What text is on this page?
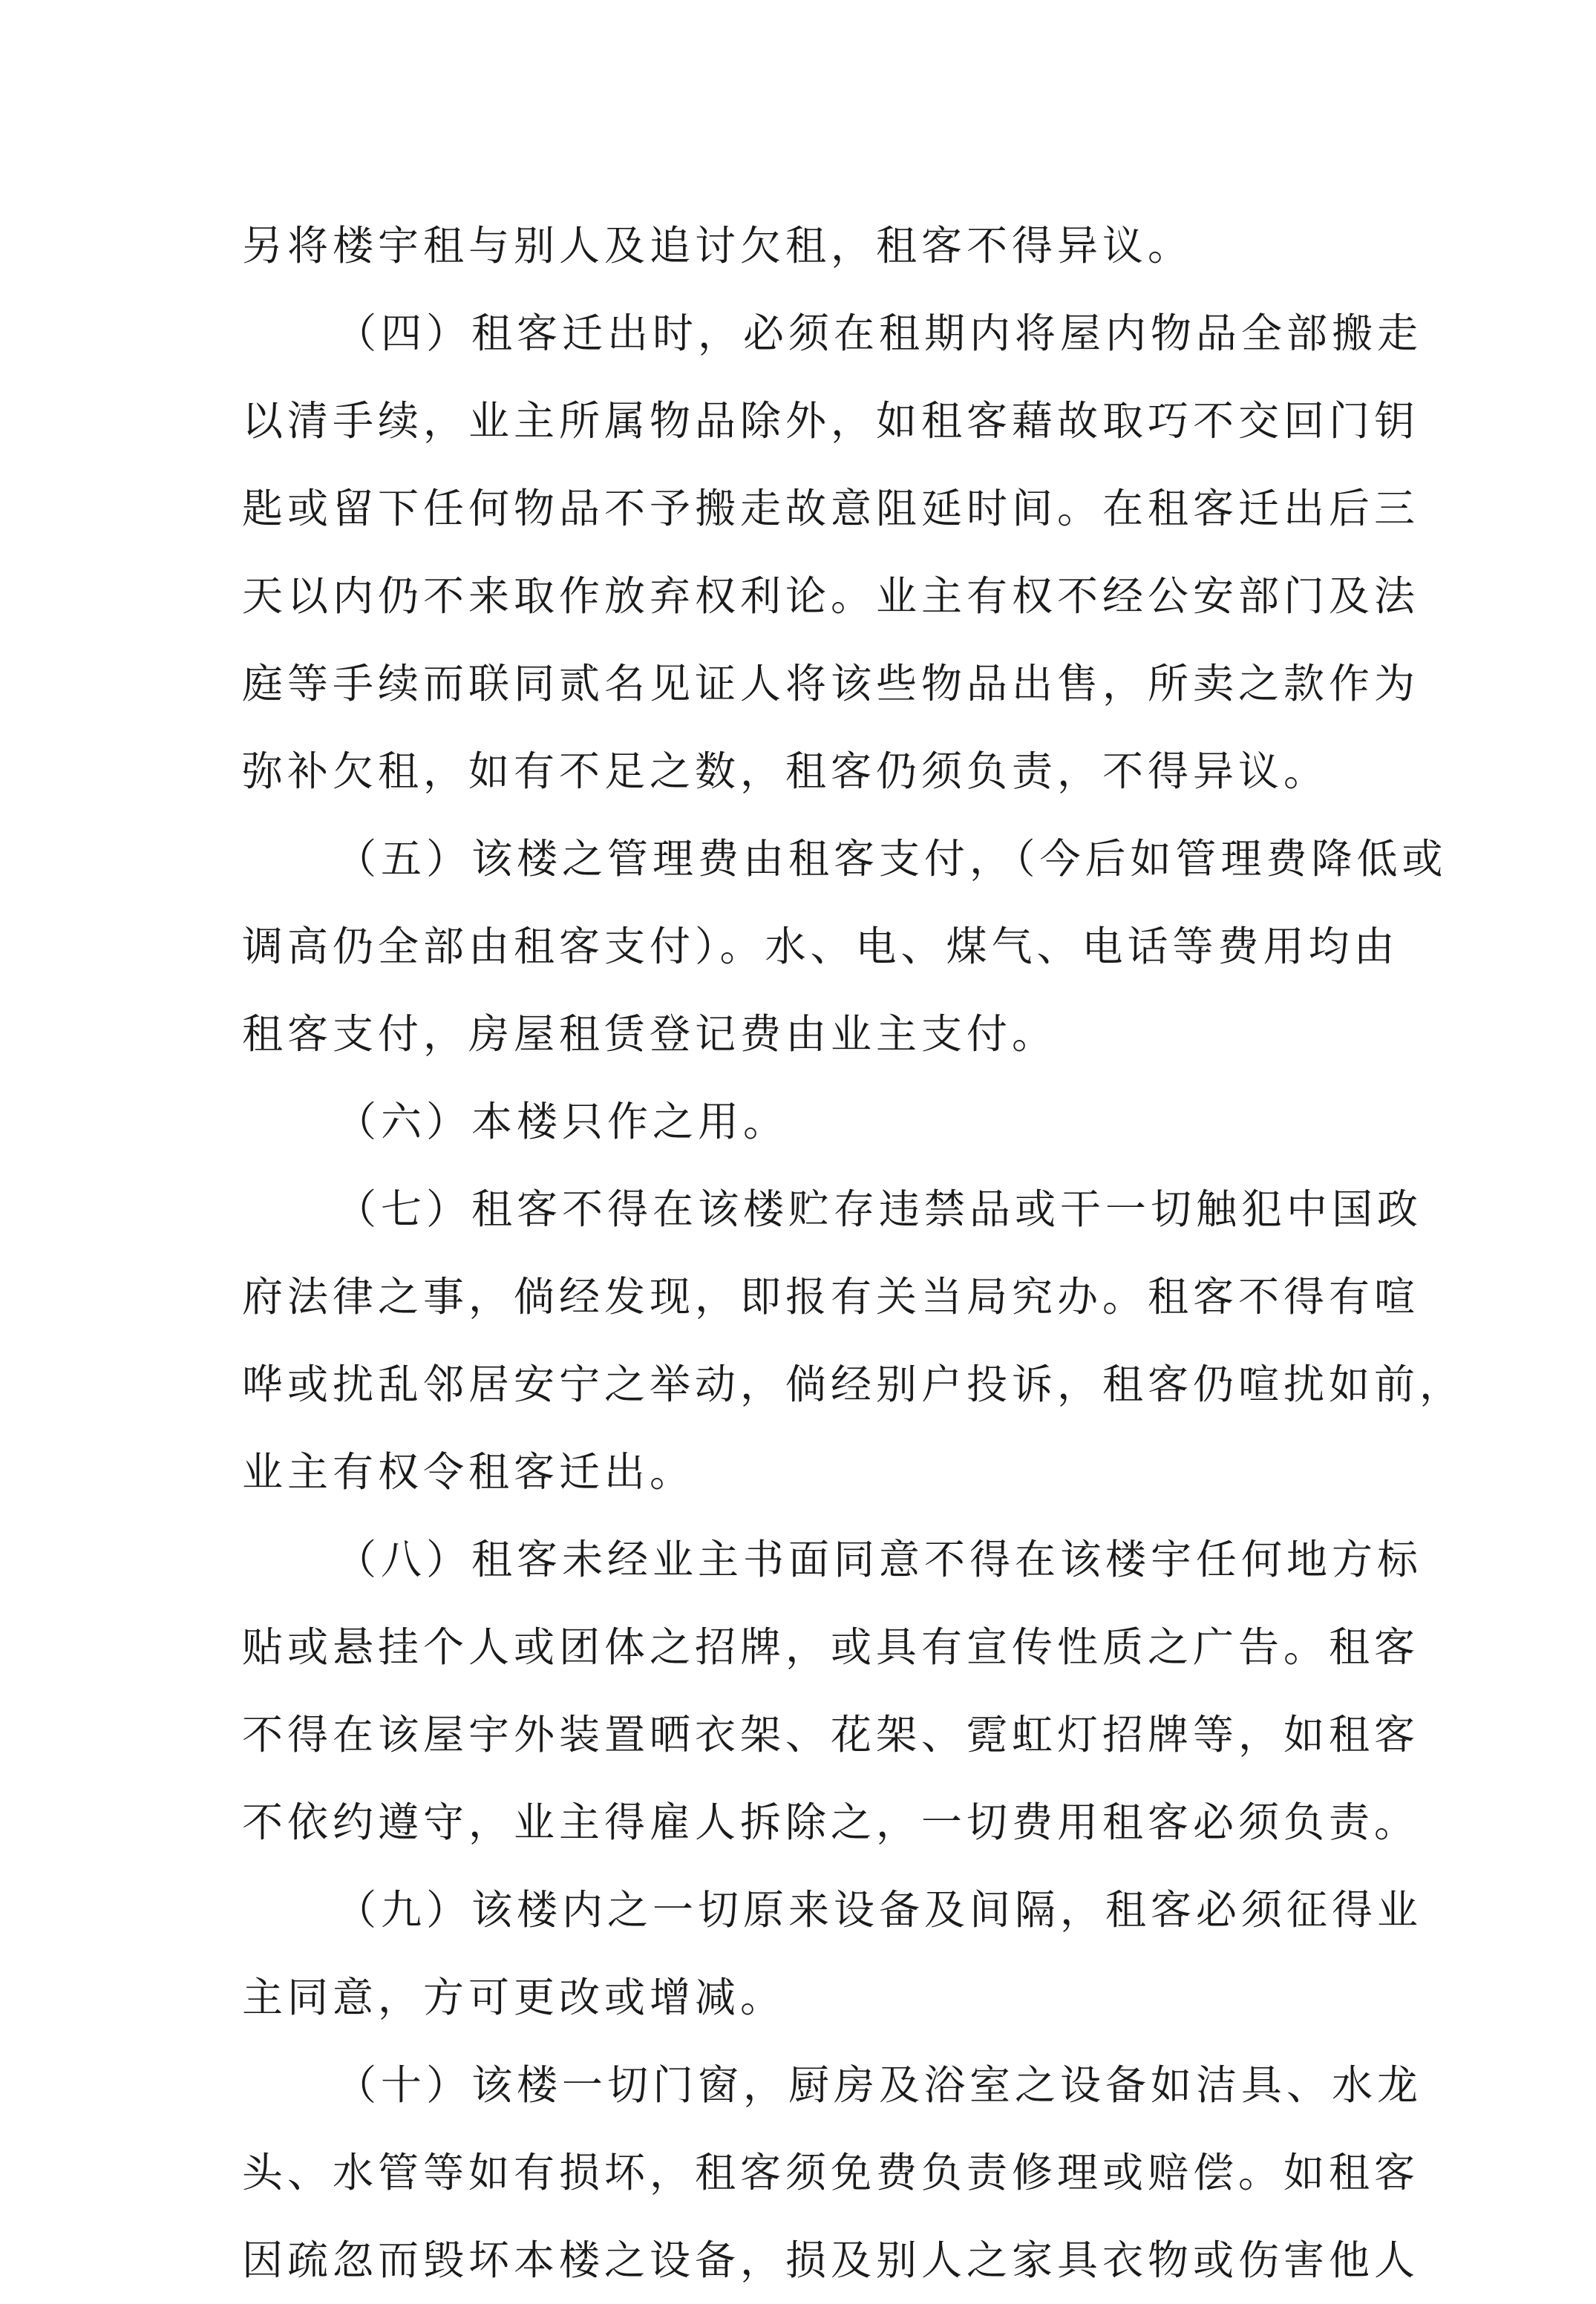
另将楼宇租与别人及追讨欠租，租客不得异议。
（四）租客迁出时，必须在租期内将屋内物品全部搬走
以清手续，业主所属物品除外，如租客藉故取巧不交回门钥
匙或留下任何物品不予搬走故意阻延时间。在租客迁出后三
天以内仍不来取作放弃权利论。业主有权不经公安部门及法
庭等手续而联同贰名见证人将该些物品出售，所卖之款作为
弥补欠租，如有不足之数，租客仍须负责，不得异议。
（五）该楼之管理费由租客支付，（今后如管理费降低或
调高仍全部由租客支付）。水、电、煤气、电话等费用均由
租客支付，房屋租赁登记费由业主支付。
（六）本楼只作之用。
（七）租客不得在该楼贮存违禁品或干一切触犯中国政
府法律之事，倘经发现，即报有关当局究办。租客不得有喧
哗或扰乱邻居安宁之举动，倘经别户投诉，租客仍喧扰如前，
业主有权令租客迁出。
（八）租客未经业主书面同意不得在该楼宇任何地方标
贴或悬挂个人或团体之招牌，或具有宣传性质之广告。租客
不得在该屋宇外装置晒衣架、花架、霓虹灯招牌等，如租客
不依约遵守，业主得雇人拆除之，一切费用租客必须负责。
（九）该楼内之一切原来设备及间隔，租客必须征得业
主同意，方可更改或增减。
（十）该楼一切门窗，厨房及浴室之设备如洁具、水龙
头、水管等如有损坏，租客须免费负责修理或赔偿。如租客
因疏忽而毁坏本楼之设备，损及别人之家具衣物或伤害他人
